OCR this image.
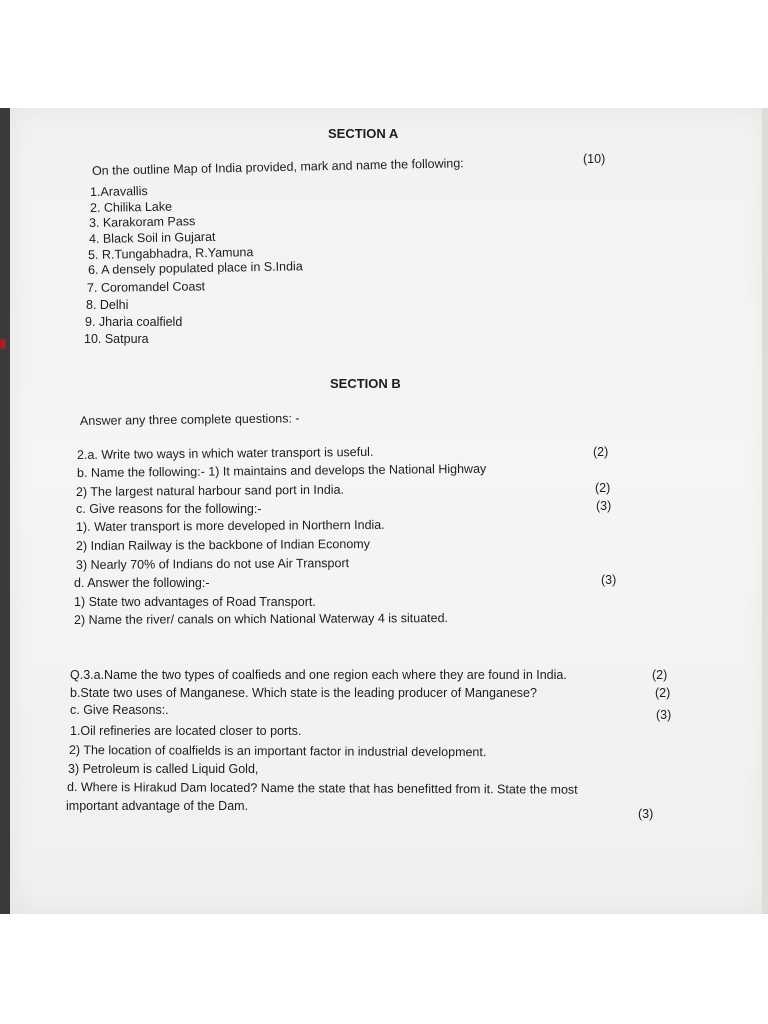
SECTION A
On the outline Map of India provided, mark and name the following:	(10)
1.Aravallis
2. Chilika Lake
3. Karakoram Pass
4. Black Soil in Gujarat
5. R.Tungabhadra, R.Yamuna
6. A densely populated place in S.India
7. Coromandel Coast
8. Delhi
9. Jharia coalfield
10. Satpura
SECTION B
Answer any three complete questions: -
2.a. Write two ways in which water transport is useful.	(2)
b. Name the following:- 1) It maintains and develops the National Highway
2) The largest natural harbour sand port in India.	(2)
c. Give reasons for the following:-	(3)
1). Water transport is more developed in Northern India.
2) Indian Railway is the backbone of Indian Economy
3) Nearly 70% of Indians do not use Air Transport
d. Answer the following:-	(3)
1) State two advantages of Road Transport.
2) Name the river/ canals on which National Waterway 4 is situated.
Q.3.a.Name the two types of coalfieds and one region each where they are found in India.	(2)
b.State two uses of Manganese. Which state is the leading producer of Manganese?	(2)
c. Give Reasons:.	(3)
1.Oil refineries are located closer to ports.
2) The location of coalfields is an important factor in industrial development.
3) Petroleum is called Liquid Gold,
d. Where is Hirakud Dam located? Name the state that has benefitted from it. State the most
important advantage of the Dam.
(3)
